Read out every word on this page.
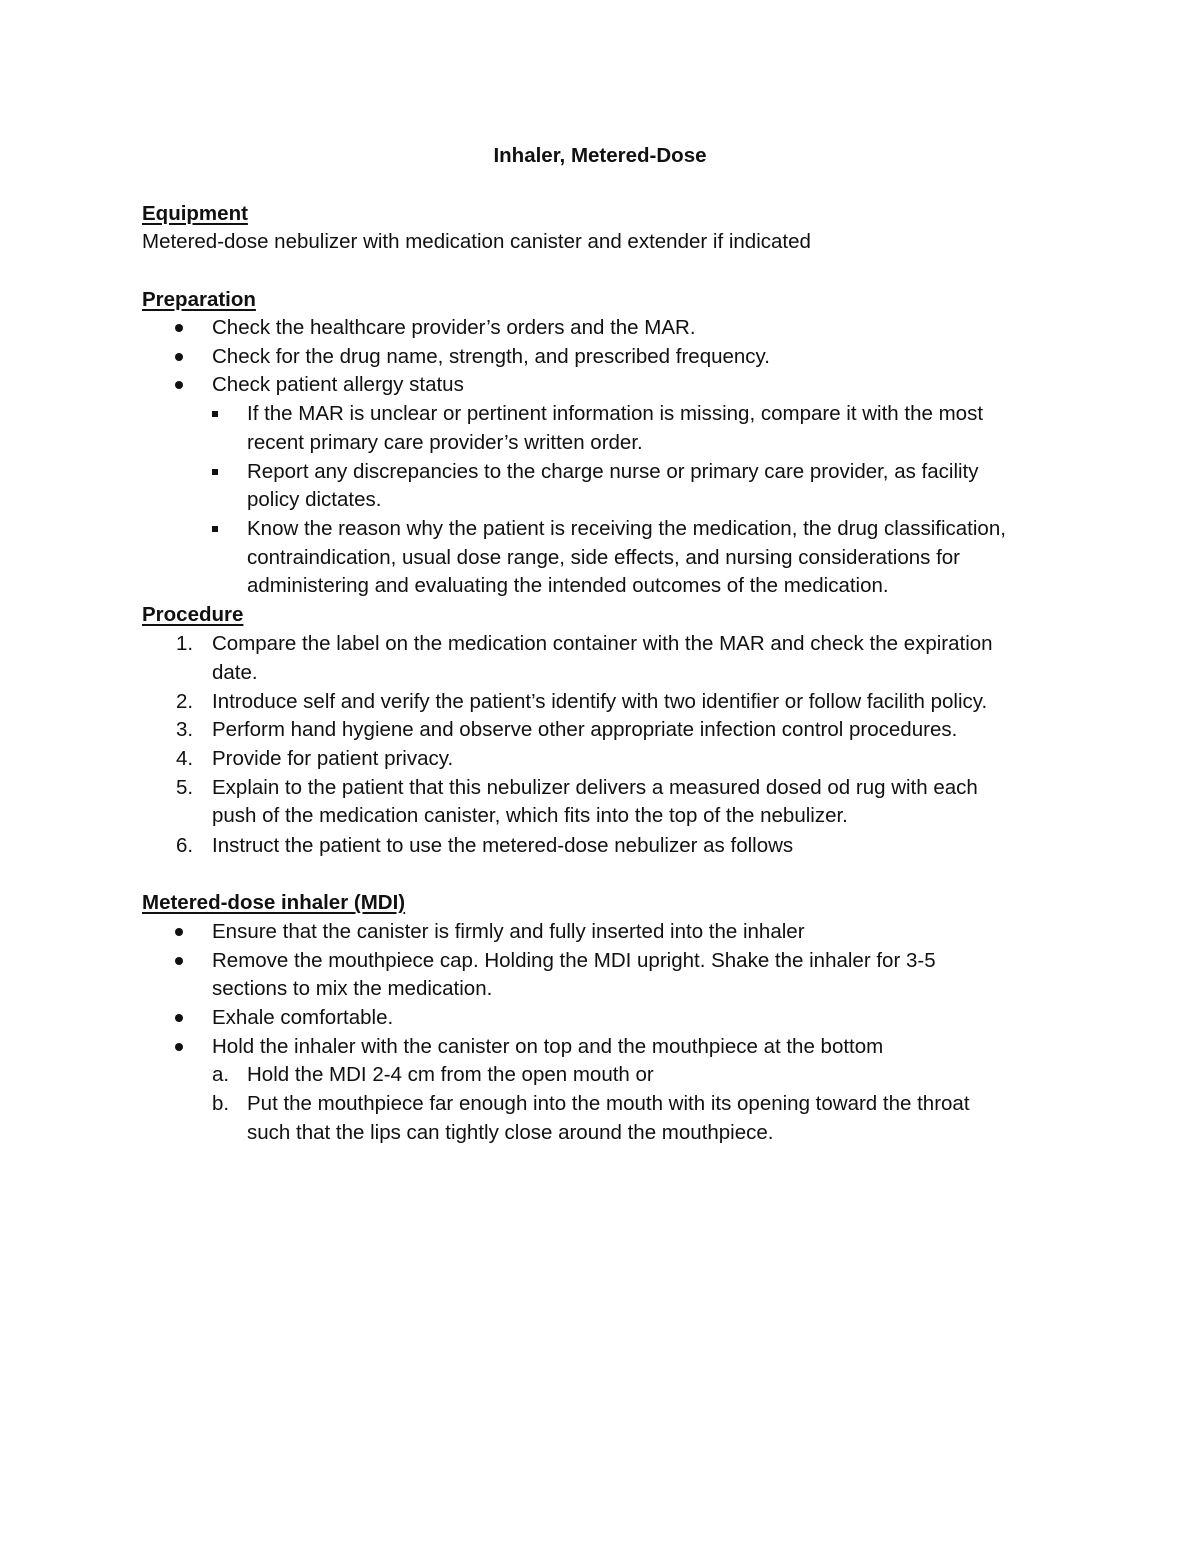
Inhaler, Metered-Dose
Equipment
Metered-dose nebulizer with medication canister and extender if indicated
Preparation
Check the healthcare provider’s orders and the MAR.
Check for the drug name, strength, and prescribed frequency.
Check patient allergy status
If the MAR is unclear or pertinent information is missing, compare it with the most
recent primary care provider’s written order.
Report any discrepancies to the charge nurse or primary care provider, as facility
policy dictates.
Know the reason why the patient is receiving the medication, the drug classification,
contraindication, usual dose range, side effects, and nursing considerations for
administering and evaluating the intended outcomes of the medication.
Procedure
1. Compare the label on the medication container with the MAR and check the expiration
date.
2. Introduce self and verify the patient’s identify with two identifier or follow facilith policy.
3. Perform hand hygiene and observe other appropriate infection control procedures.
4. Provide for patient privacy.
5. Explain to the patient that this nebulizer delivers a measured dosed od rug with each
push of the medication canister, which fits into the top of the nebulizer.
6. Instruct the patient to use the metered-dose nebulizer as follows
Metered-dose inhaler (MDI)
Ensure that the canister is firmly and fully inserted into the inhaler
Remove the mouthpiece cap. Holding the MDI upright. Shake the inhaler for 3-5
sections to mix the medication.
Exhale comfortable.
Hold the inhaler with the canister on top and the mouthpiece at the bottom
a. Hold the MDI 2-4 cm from the open mouth or
b. Put the mouthpiece far enough into the mouth with its opening toward the throat
such that the lips can tightly close around the mouthpiece.
